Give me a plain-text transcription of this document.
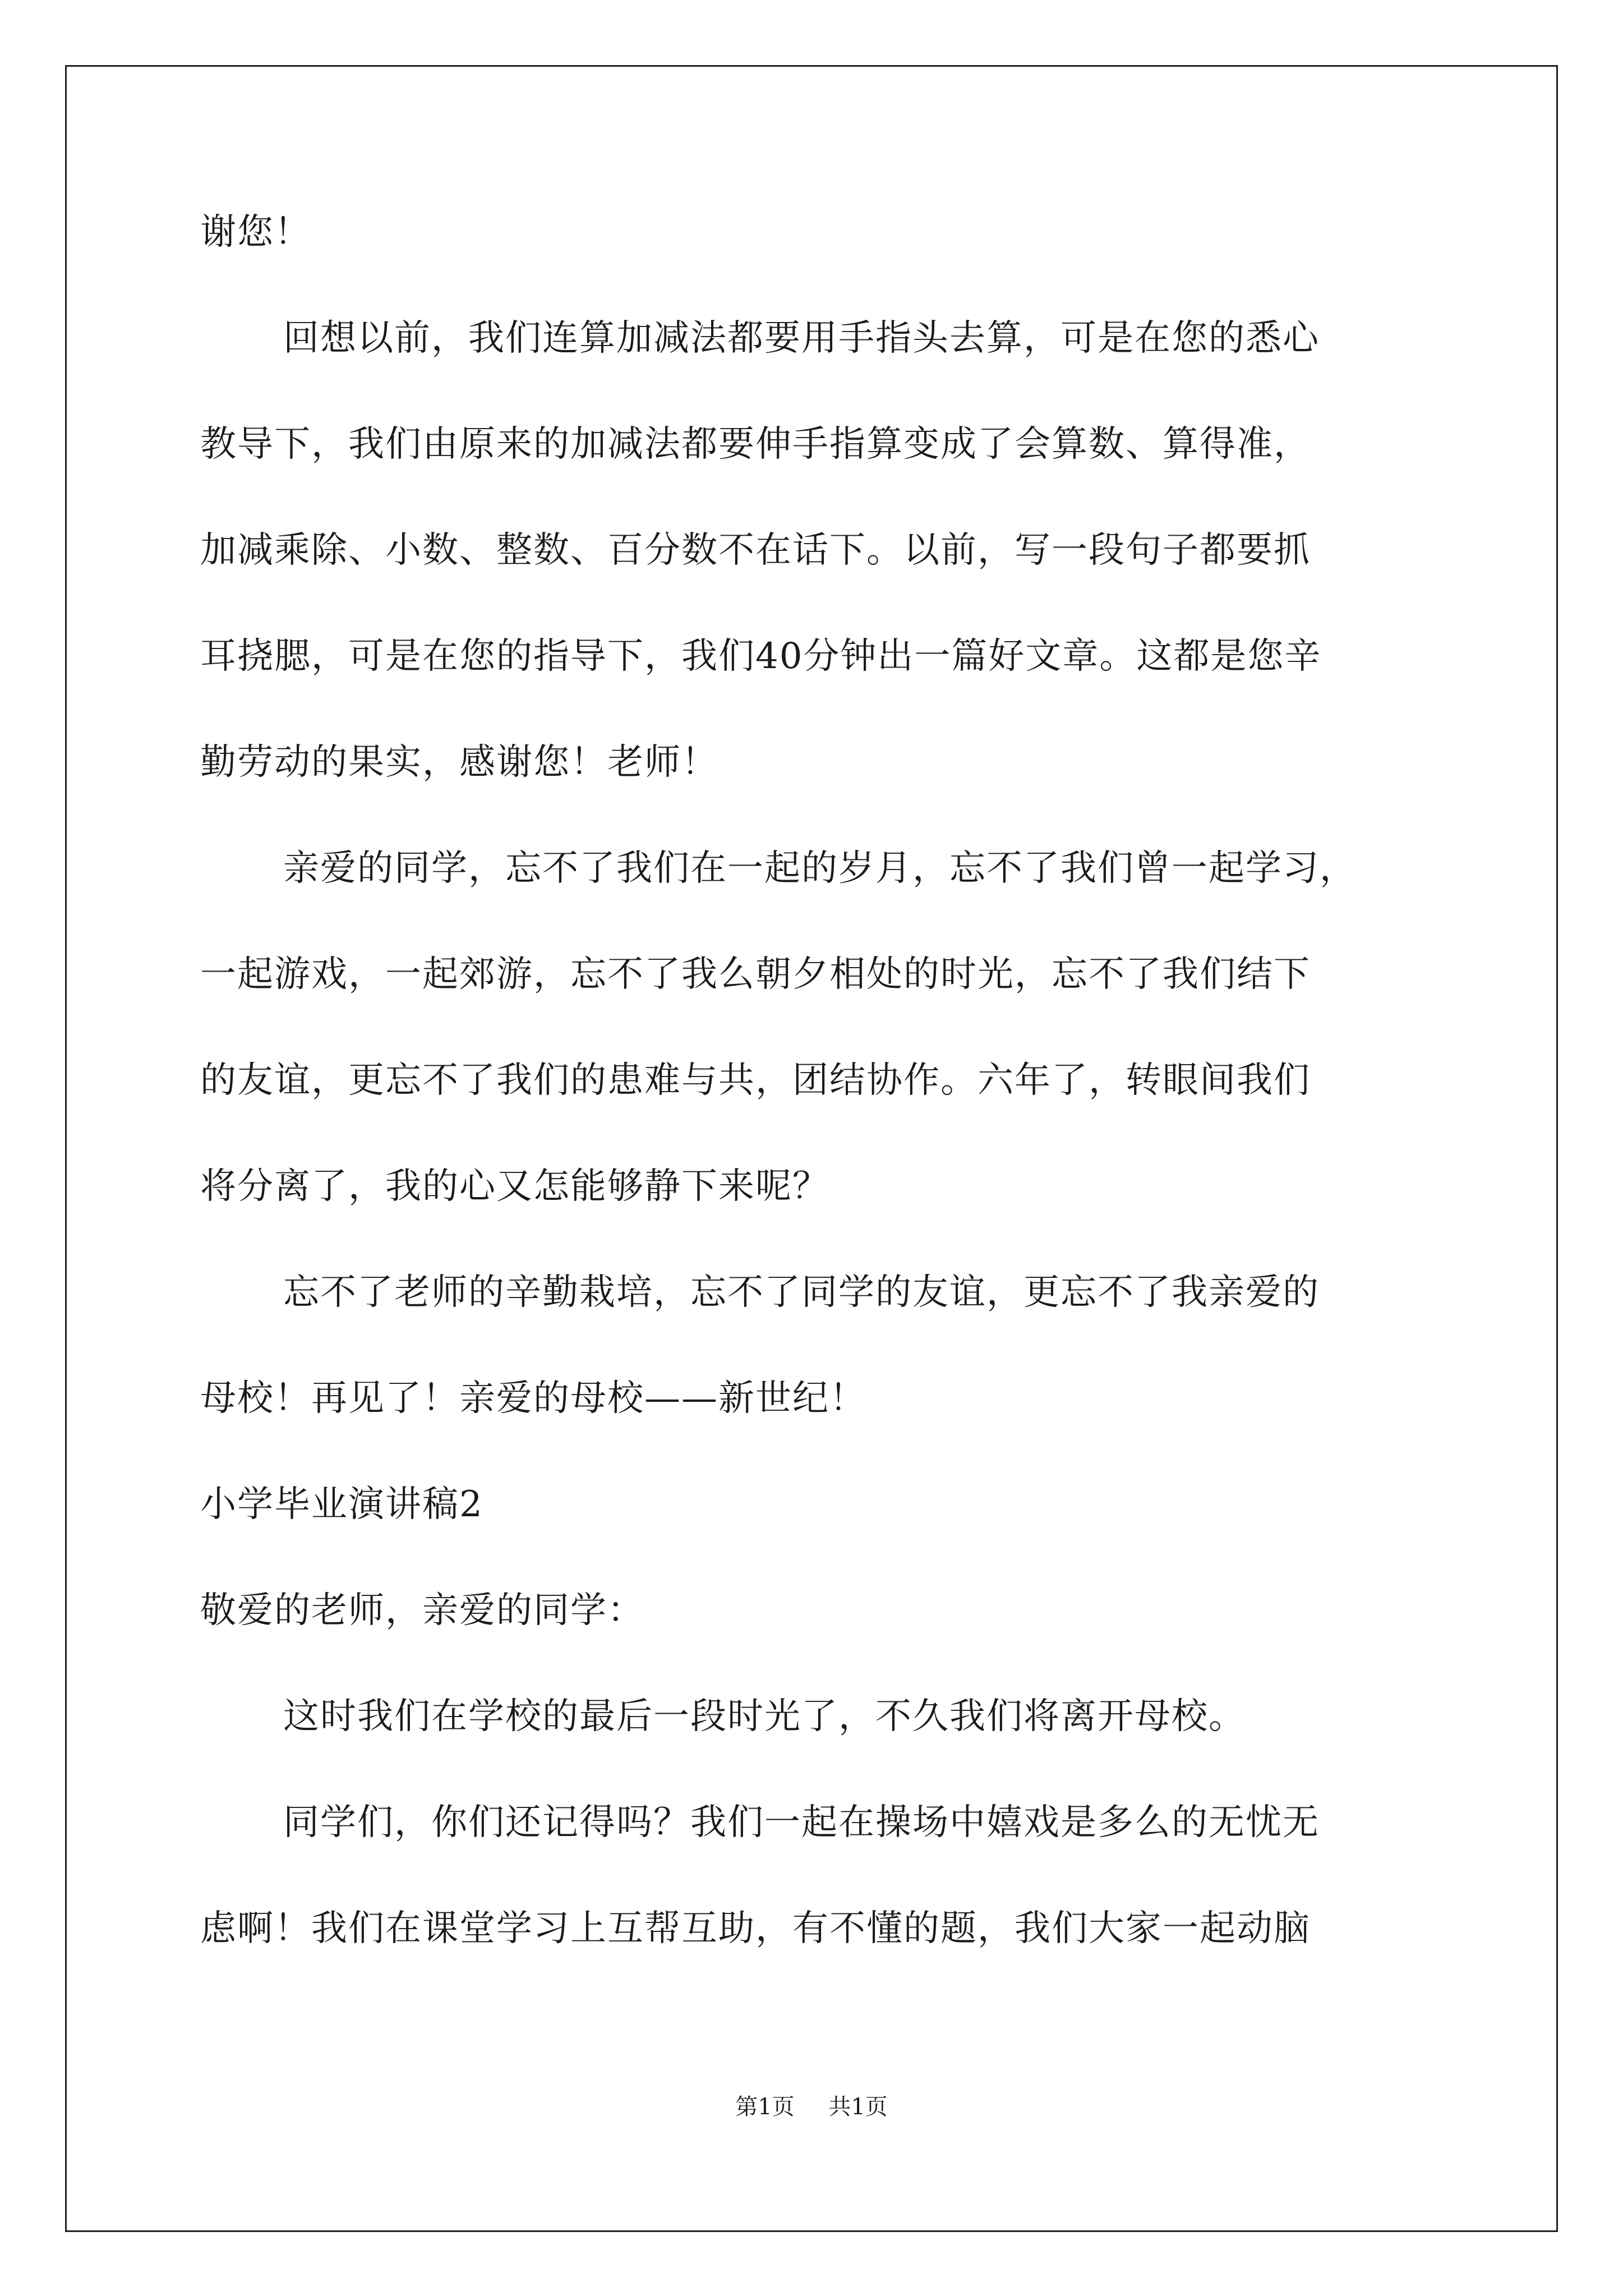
谢您！
回想以前，我们连算加减法都要用手指头去算，可是在您的悉心
教导下，我们由原来的加减法都要伸手指算变成了会算数、算得准，
加减乘除、小数、整数、百分数不在话下。以前，写一段句子都要抓
耳挠腮，可是在您的指导下，我们40分钟出一篇好文章。这都是您辛
勤劳动的果实，感谢您！老师！
亲爱的同学，忘不了我们在一起的岁月，忘不了我们曾一起学习，
一起游戏，一起郊游，忘不了我么朝夕相处的时光，忘不了我们结下
的友谊，更忘不了我们的患难与共，团结协作。六年了，转眼间我们
将分离了，我的心又怎能够静下来呢？
忘不了老师的辛勤栽培，忘不了同学的友谊，更忘不了我亲爱的
母校！再见了！亲爱的母校——新世纪！
小学毕业演讲稿2
敬爱的老师，亲爱的同学：
这时我们在学校的最后一段时光了，不久我们将离开母校。
同学们，你们还记得吗？我们一起在操场中嬉戏是多么的无忧无
虑啊！我们在课堂学习上互帮互助，有不懂的题，我们大家一起动脑
第1页 共1页
